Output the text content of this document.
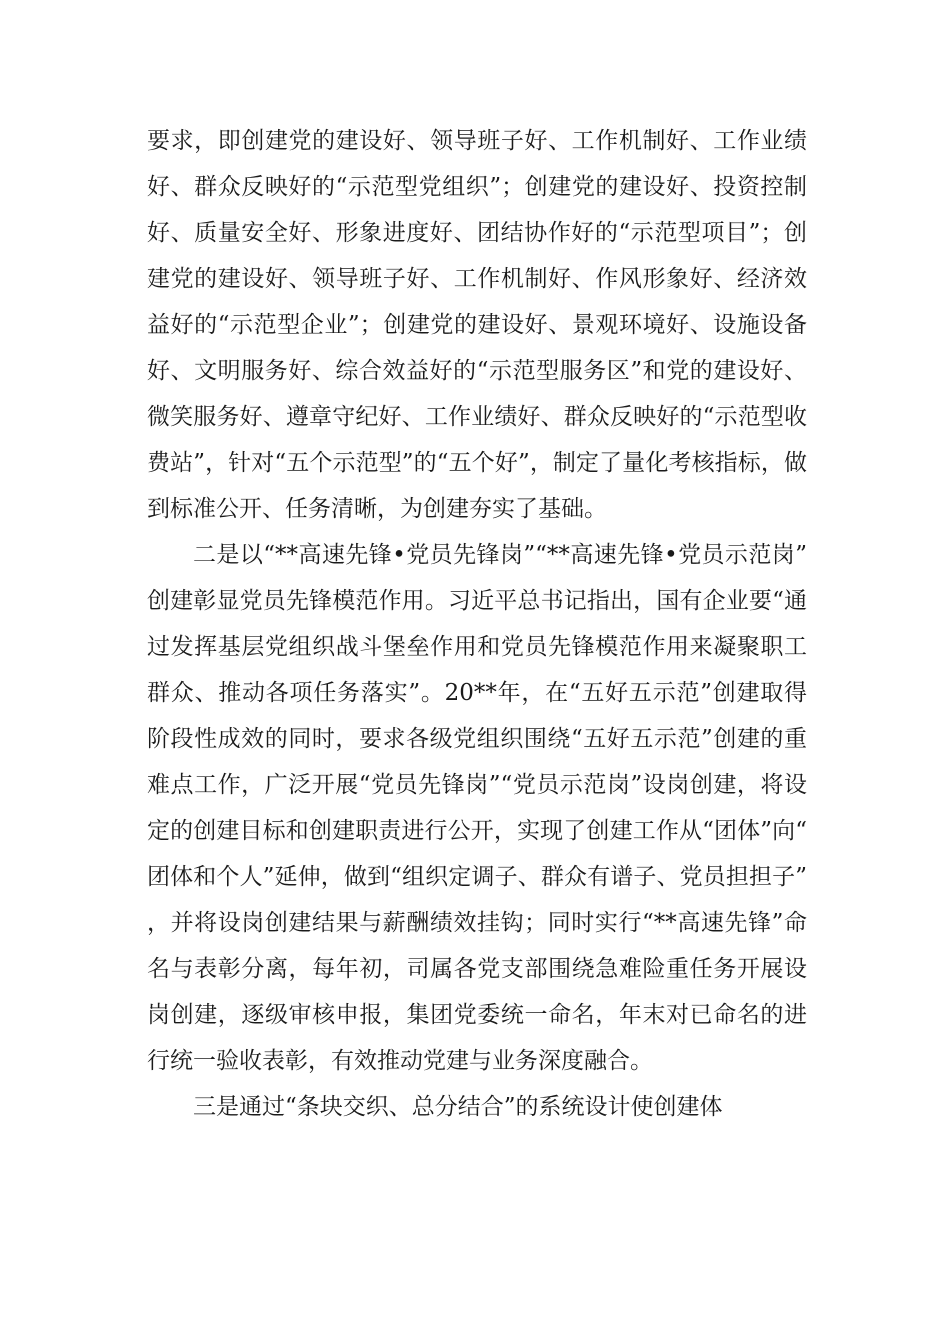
要求，即创建党的建设好、领导班子好、工作机制好、工作业绩好、群众反映好的“示范型党组织”；创建党的建设好、投资控制好、质量安全好、形象进度好、团结协作好的“示范型项目”；创建党的建设好、领导班子好、工作机制好、作风形象好、经济效益好的“示范型企业”；创建党的建设好、景观环境好、设施设备好、文明服务好、综合效益好的“示范型服务区”和党的建设好、微笑服务好、遵章守纪好、工作业绩好、群众反映好的“示范型收费站”，针对“五个示范型”的“五个好”，制定了量化考核指标，做到标准公开、任务清晰，为创建夯实了基础。

二是以“**高速先锋•党员先锋岗”“**高速先锋•党员示范岗”创建彰显党员先锋模范作用。习近平总书记指出，国有企业要“通过发挥基层党组织战斗堡垒作用和党员先锋模范作用来凝聚职工群众、推动各项任务落实”。20**年，在“五好五示范”创建取得阶段性成效的同时，要求各级党组织围绕“五好五示范”创建的重难点工作，广泛开展“党员先锋岗”“党员示范岗”设岗创建，将设定的创建目标和创建职责进行公开，实现了创建工作从“团体”向“团体和个人”延伸，做到“组织定调子、群众有谱子、党员担担子”，并将设岗创建结果与薪酬绩效挂钩；同时实行“**高速先锋”命名与表彰分离，每年初，司属各党支部围绕急难险重任务开展设岗创建，逐级审核申报，集团党委统一命名，年末对已命名的进行统一验收表彰，有效推动党建与业务深度融合。

三是通过“条块交织、总分结合”的系统设计使创建体
